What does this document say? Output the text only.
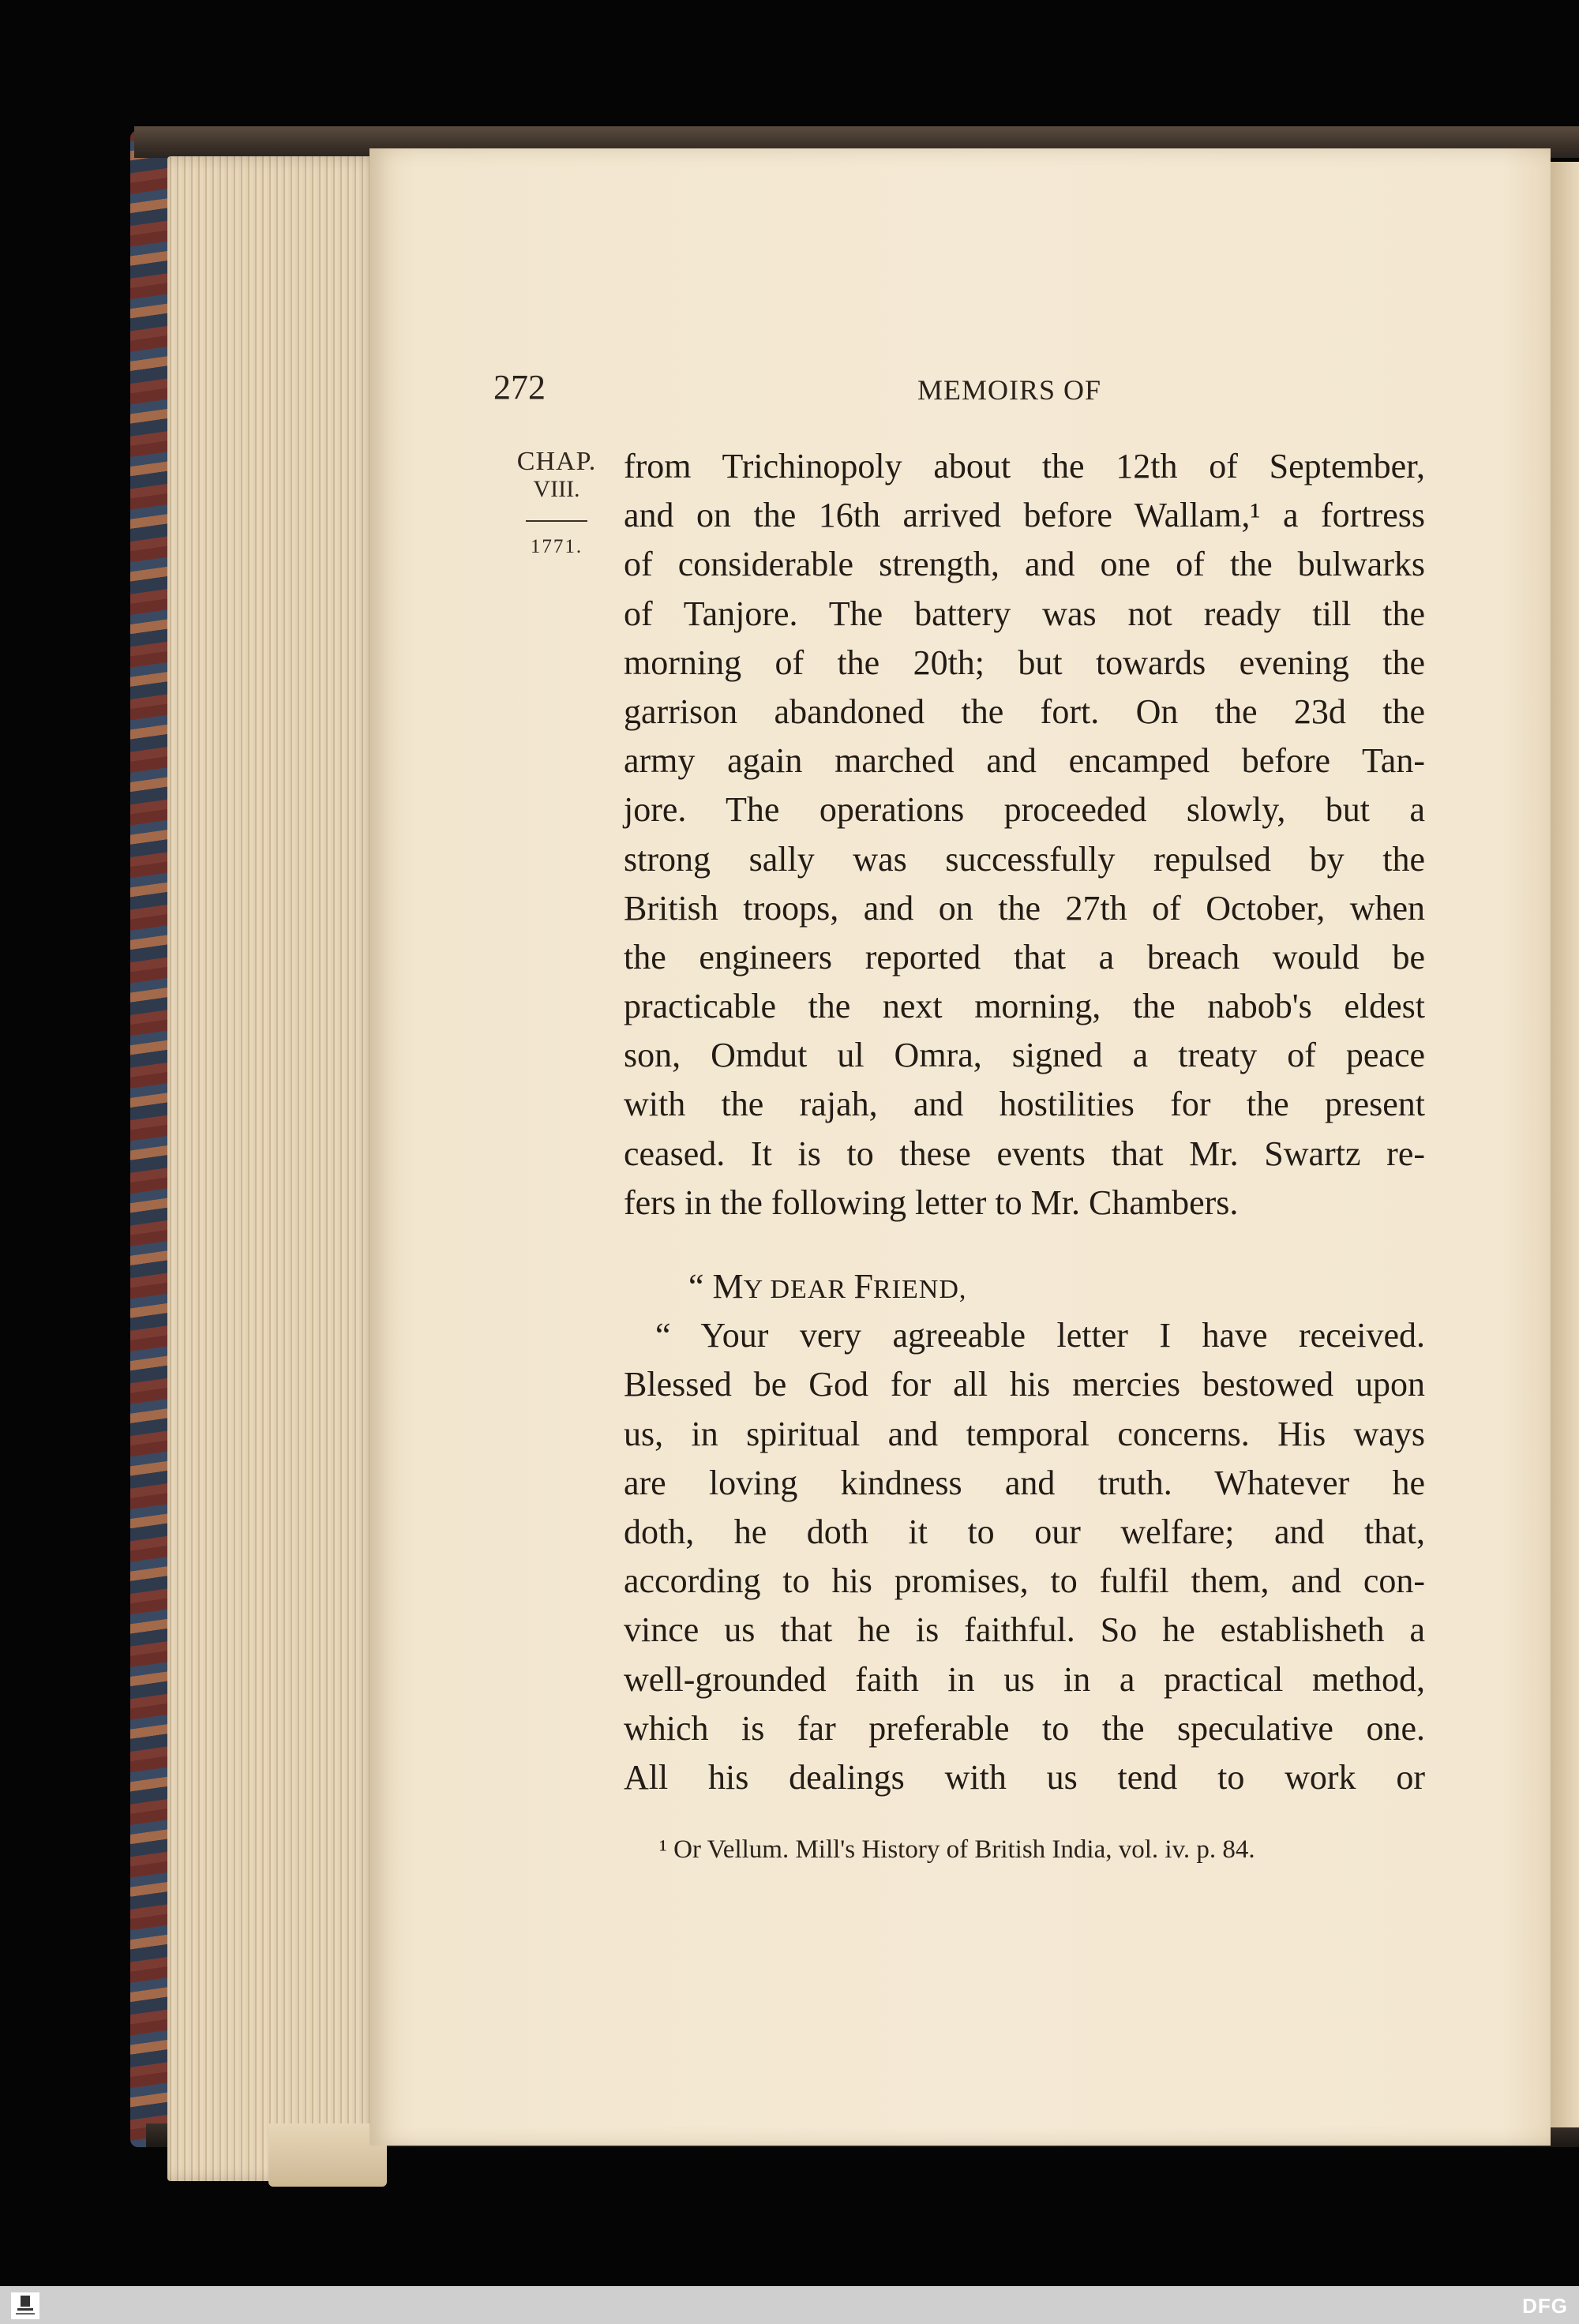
272	MEMOIRS OF
CHAP.
VIII.
1771.
from Trichinopoly about the 12th of September,
and on the 16th arrived before Wallam,¹ a fortress
of considerable strength, and one of the bulwarks
of Tanjore. The battery was not ready till the
morning of the 20th; but towards evening the
garrison abandoned the fort. On the 23d the
army again marched and encamped before Tan-
jore. The operations proceeded slowly, but a
strong sally was successfully repulsed by the
British troops, and on the 27th of October, when
the engineers reported that a breach would be
practicable the next morning, the nabob's eldest
son, Omdut ul Omra, signed a treaty of peace
with the rajah, and hostilities for the present
ceased. It is to these events that Mr. Swartz re-
fers in the following letter to Mr. Chambers.
“ MY DEAR FRIEND,
“ Your very agreeable letter I have received.
Blessed be God for all his mercies bestowed upon
us, in spiritual and temporal concerns. His ways
are loving kindness and truth. Whatever he
doth, he doth it to our welfare; and that,
according to his promises, to fulfil them, and con-
vince us that he is faithful. So he establisheth a
well-grounded faith in us in a practical method,
which is far preferable to the speculative one.
All his dealings with us tend to work or
¹ Or Vellum. Mill's History of British India, vol. iv. p. 84.
DFG
